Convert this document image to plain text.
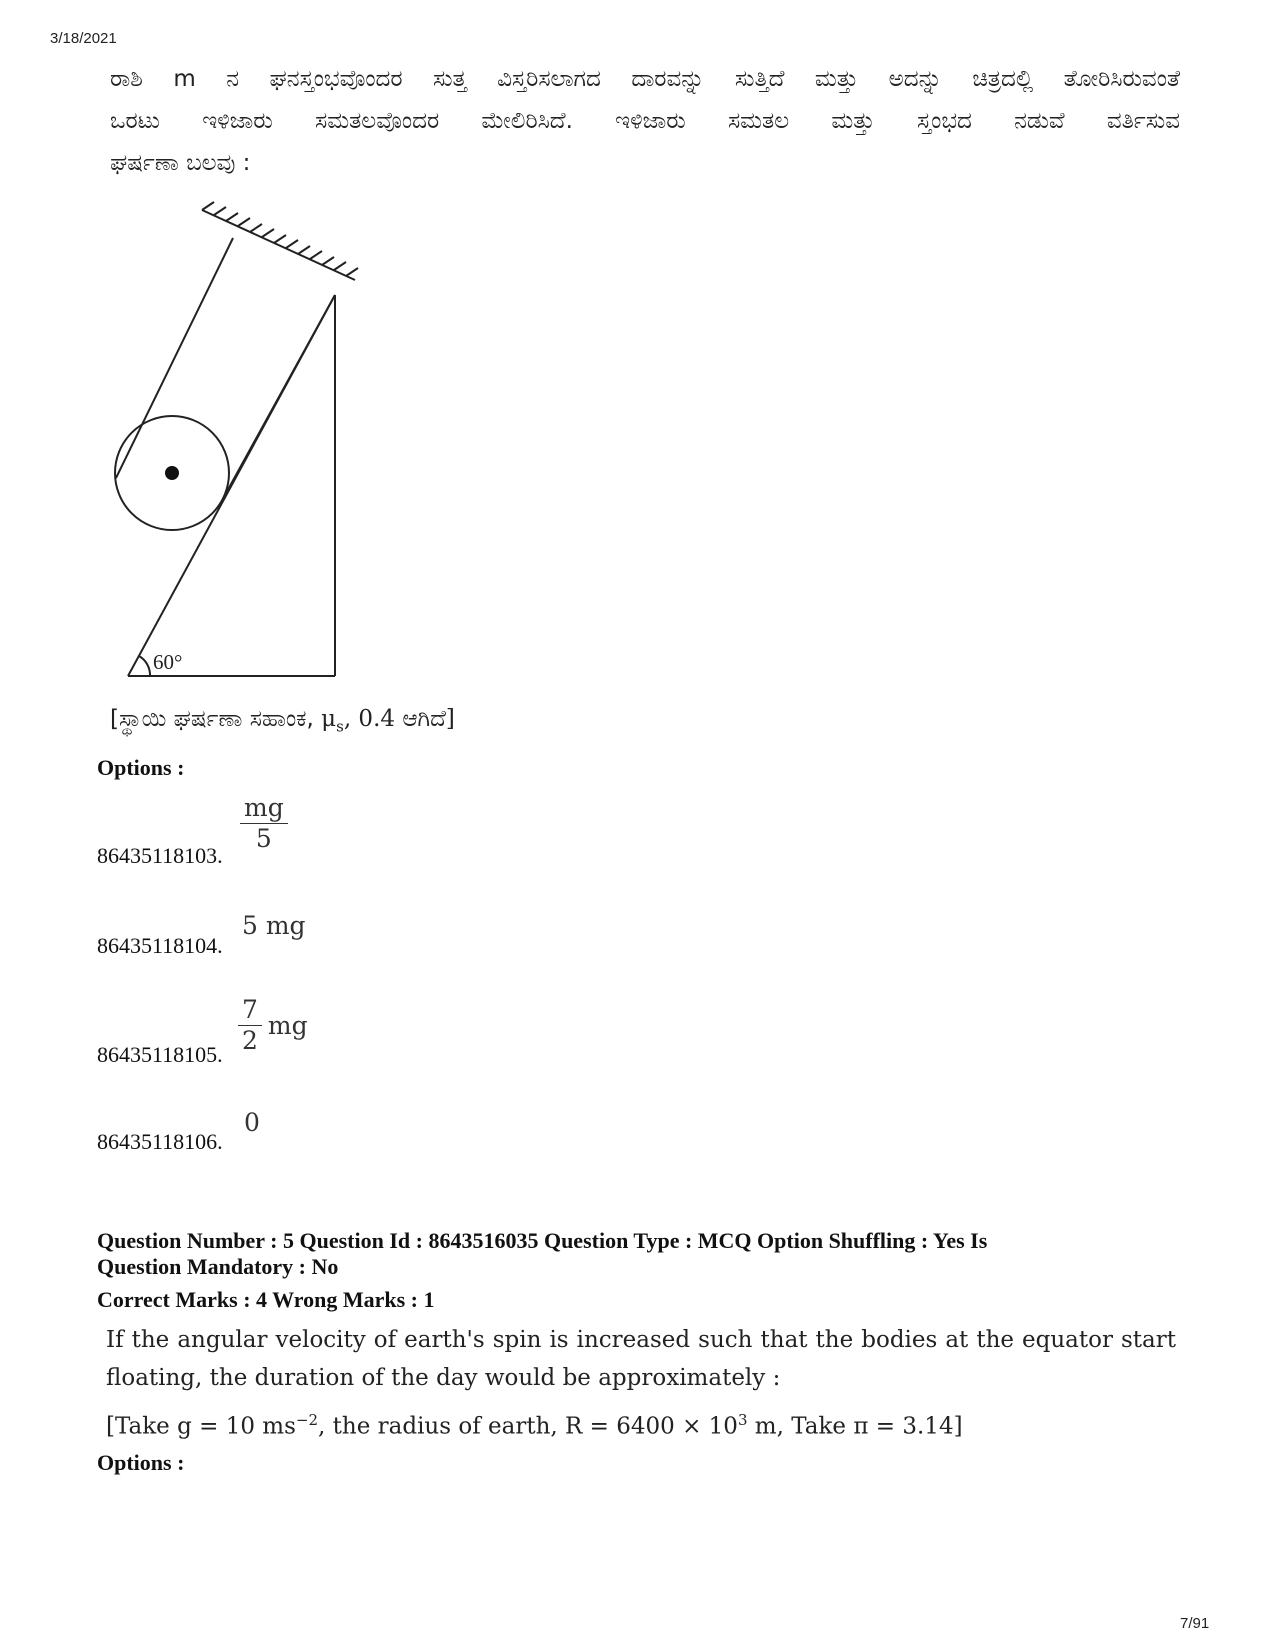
3/18/2021
ರಾಶಿ m ನ ಘನಸ್ತಂಭವೊಂದರ ಸುತ್ತ ವಿಸ್ತರಿಸಲಾಗದ ದಾರವನ್ನು ಸುತ್ತಿದೆ ಮತ್ತು ಅದನ್ನು ಚಿತ್ರದಲ್ಲಿ ತೋರಿಸಿರುವಂತೆ
ಒರಟು ಇಳಿಜಾರು ಸಮತಲವೊಂದರ ಮೇಲಿರಿಸಿದೆ. ಇಳಿಜಾರು ಸಮತಲ ಮತ್ತು ಸ್ತಂಭದ ನಡುವೆ ವರ್ತಿಸುವ
ಘರ್ಷಣಾ ಬಲವು :
60°
[ಸ್ಥಾಯಿ ಘರ್ಷಣಾ ಸಹಾಂಕ, $\mu_s$, 0.4 ಆಗಿದೆ]
Options :
86435118103.
$\frac{mg}{5}$
86435118104.
5 mg
86435118105. $\frac{7}{2}$ mg
86435118106.
0
Question Number : 5 Question Id : 8643516035 Question Type : MCQ Option Shuffling : Yes Is
Question Mandatory : No
Correct Marks : 4 Wrong Marks : 1
If the angular velocity of earth's spin is increased such that the bodies at the equator start
floating, the duration of the day would be approximately :
[Take g = 10 $ms^{-2}$, the radius of earth, $R = 6400 \times 10^3$ m, Take π = 3.14]
Options :
7/91
